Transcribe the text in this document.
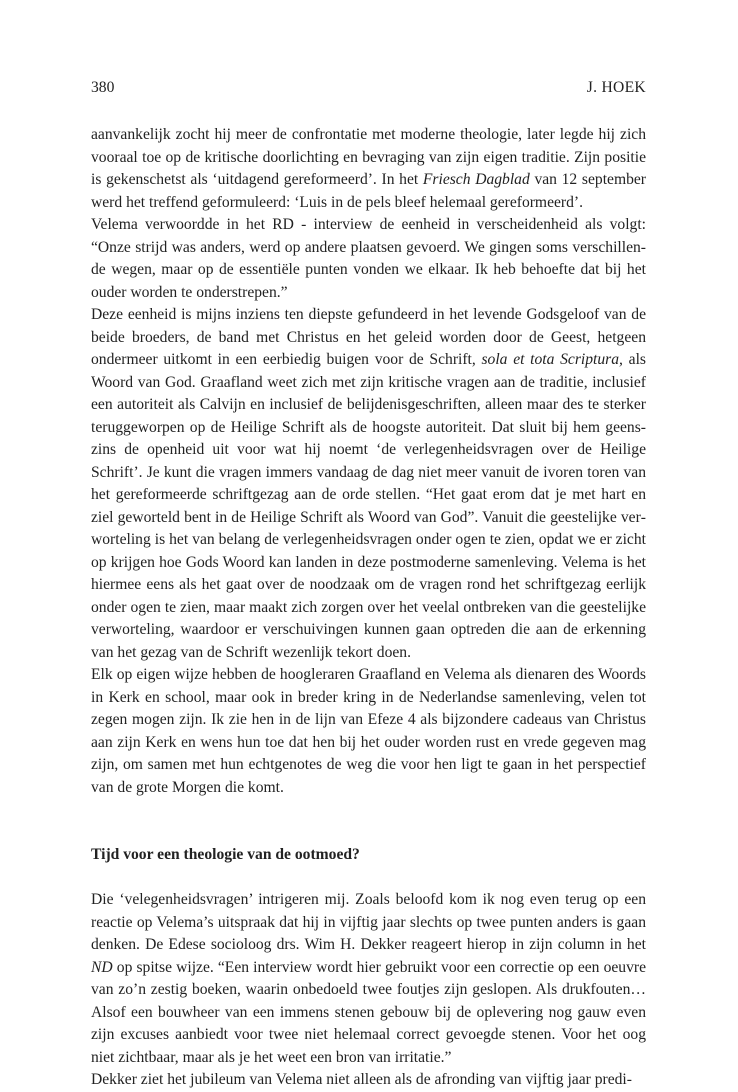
380	J. HOEK

aanvankelijk zocht hij meer de confrontatie met moderne theologie, later legde hij zich vooraal toe op de kritische doorlichting en bevraging van zijn eigen traditie. Zijn positie is gekenschetst als ‘uitdagend gereformeerd’. In het Friesch Dagblad van 12 september werd het treffend geformuleerd: ‘Luis in de pels bleef helemaal gereformeerd’.

Velema verwoordde in het RD - interview de eenheid in verscheidenheid als volgt: “Onze strijd was anders, werd op andere plaatsen gevoerd. We gingen soms verschillende wegen, maar op de essentiële punten vonden we elkaar. Ik heb behoefte dat bij het ouder worden te onderstrepen.”

Deze eenheid is mijns inziens ten diepste gefundeerd in het levende Godsgeloof van de beide broeders, de band met Christus en het geleid worden door de Geest, hetgeen ondermeer uitkomt in een eerbiedig buigen voor de Schrift, sola et tota Scriptura, als Woord van God. Graafland weet zich met zijn kritische vragen aan de traditie, inclusief een autoriteit als Calvijn en inclusief de belijdenisgeschriften, alleen maar des te sterker teruggeworpen op de Heilige Schrift als de hoogste autoriteit. Dat sluit bij hem geenszins de openheid uit voor wat hij noemt ‘de verlegenheidsvragen over de Heilige Schrift’. Je kunt die vragen immers vandaag de dag niet meer vanuit de ivoren toren van het gereformeerde schriftgezag aan de orde stellen. “Het gaat erom dat je met hart en ziel geworteld bent in de Heilige Schrift als Woord van God”. Vanuit die geestelijke verworteling is het van belang de verlegenheidsvragen onder ogen te zien, opdat we er zicht op krijgen hoe Gods Woord kan landen in deze postmoderne samenleving. Velema is het hiermee eens als het gaat over de noodzaak om de vragen rond het schriftgezag eerlijk onder ogen te zien, maar maakt zich zorgen over het veelal ontbreken van die geestelijke verworteling, waardoor er verschuivingen kunnen gaan optreden die aan de erkenning van het gezag van de Schrift wezenlijk tekort doen.

Elk op eigen wijze hebben de hoogleraren Graafland en Velema als dienaren des Woords in Kerk en school, maar ook in breder kring in de Nederlandse samenleving, velen tot zegen mogen zijn. Ik zie hen in de lijn van Efeze 4 als bijzondere cadeaus van Christus aan zijn Kerk en wens hun toe dat hen bij het ouder worden rust en vrede gegeven mag zijn, om samen met hun echtgenotes de weg die voor hen ligt te gaan in het perspectief van de grote Morgen die komt.

Tijd voor een theologie van de ootmoed?

Die ‘velegenheidsvragen’ intrigeren mij. Zoals beloofd kom ik nog even terug op een reactie op Velema’s uitspraak dat hij in vijftig jaar slechts op twee punten anders is gaan denken. De Edese socioloog drs. Wim H. Dekker reageert hierop in zijn column in het ND op spitse wijze. “Een interview wordt hier gebruikt voor een correctie op een oeuvre van zo’n zestig boeken, waarin onbedoeld twee foutjes zijn geslopen. Als drukfouten… Alsof een bouwheer van een immens stenen gebouw bij de oplevering nog gauw even zijn excuses aanbiedt voor twee niet helemaal correct gevoegde stenen. Voor het oog niet zichtbaar, maar als je het weet een bron van irritatie.”

Dekker ziet het jubileum van Velema niet alleen als de afronding van vijftig jaar predi-
